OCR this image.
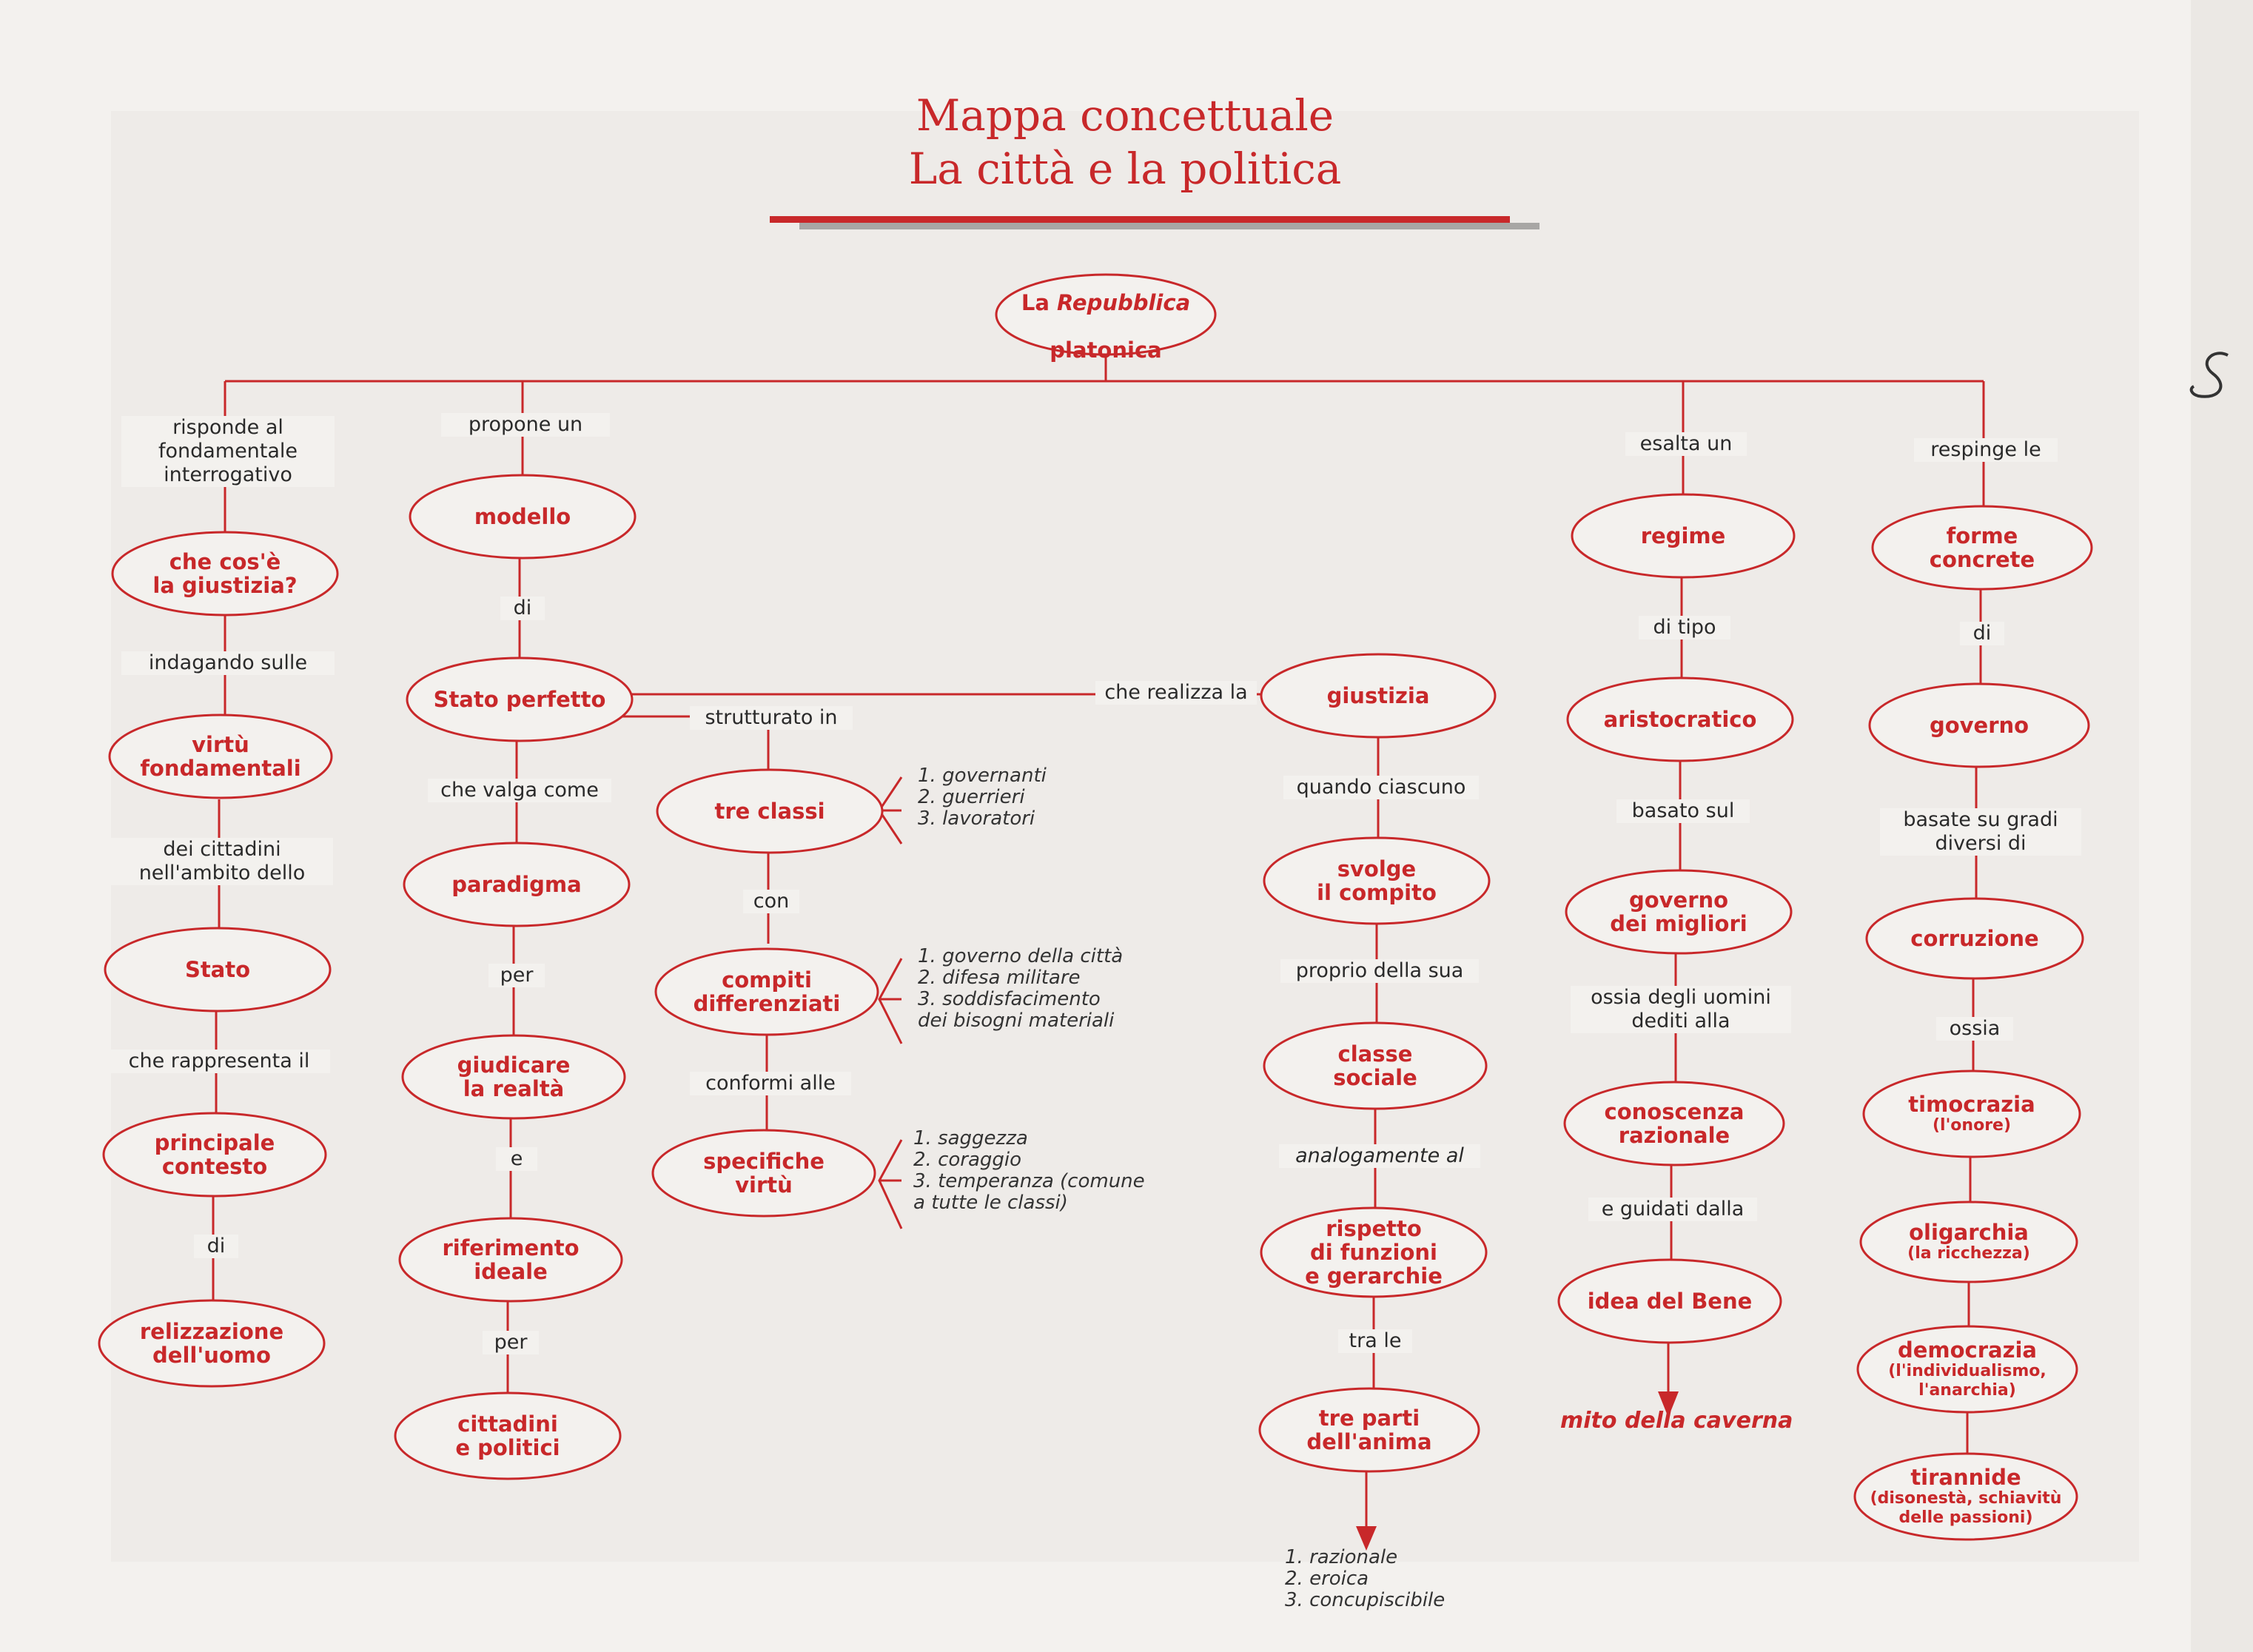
Mappa concettuale
La città e la politica

La Repubblica

platonica

risponde al
fondamentale
interrogativo
che cos'è
la giustizia?
indagando sulle
virtù
fondamentali
dei cittadini
nell'ambito dello
Stato
che rappresenta il
principale
contesto
di
relizzazione
dell'uomo
propone un
modello
di
Stato perfetto
che valga come
paradigma
per
giudicare
la realtà
e
riferimento
ideale
per
cittadini
e politici
strutturato in
tre classi
1. governanti
2. guerrieri
3. lavoratori
con
compiti
differenziati
1. governo della città
2. difesa militare
3. soddisfacimento
dei bisogni materiali
conformi alle
specifiche
virtù
1. saggezza
2. coraggio
3. temperanza (comune
a tutte le classi)
che realizza la	giustizia
quando ciascuno
svolge
il compito
proprio della sua
classe
sociale
analogamente al
rispetto
di funzioni
e gerarchie
tra le
tre parti
dell'anima
1. razionale
2. eroica
3. concupiscibile
esalta un
regime
di tipo
aristocratico
basato sul
governo
dei migliori
ossia degli uomini
dediti alla
conoscenza
razionale
e guidati dalla
idea del Bene
mito della caverna
respinge le
forme
concrete
di
governo
basate su gradi
diversi di
corruzione
ossia
timocrazia
(l'onore)
oligarchia
(la ricchezza)
democrazia
(l'individualismo,
l'anarchia)
tirannide
(disonestà, schiavitù
delle passioni)
